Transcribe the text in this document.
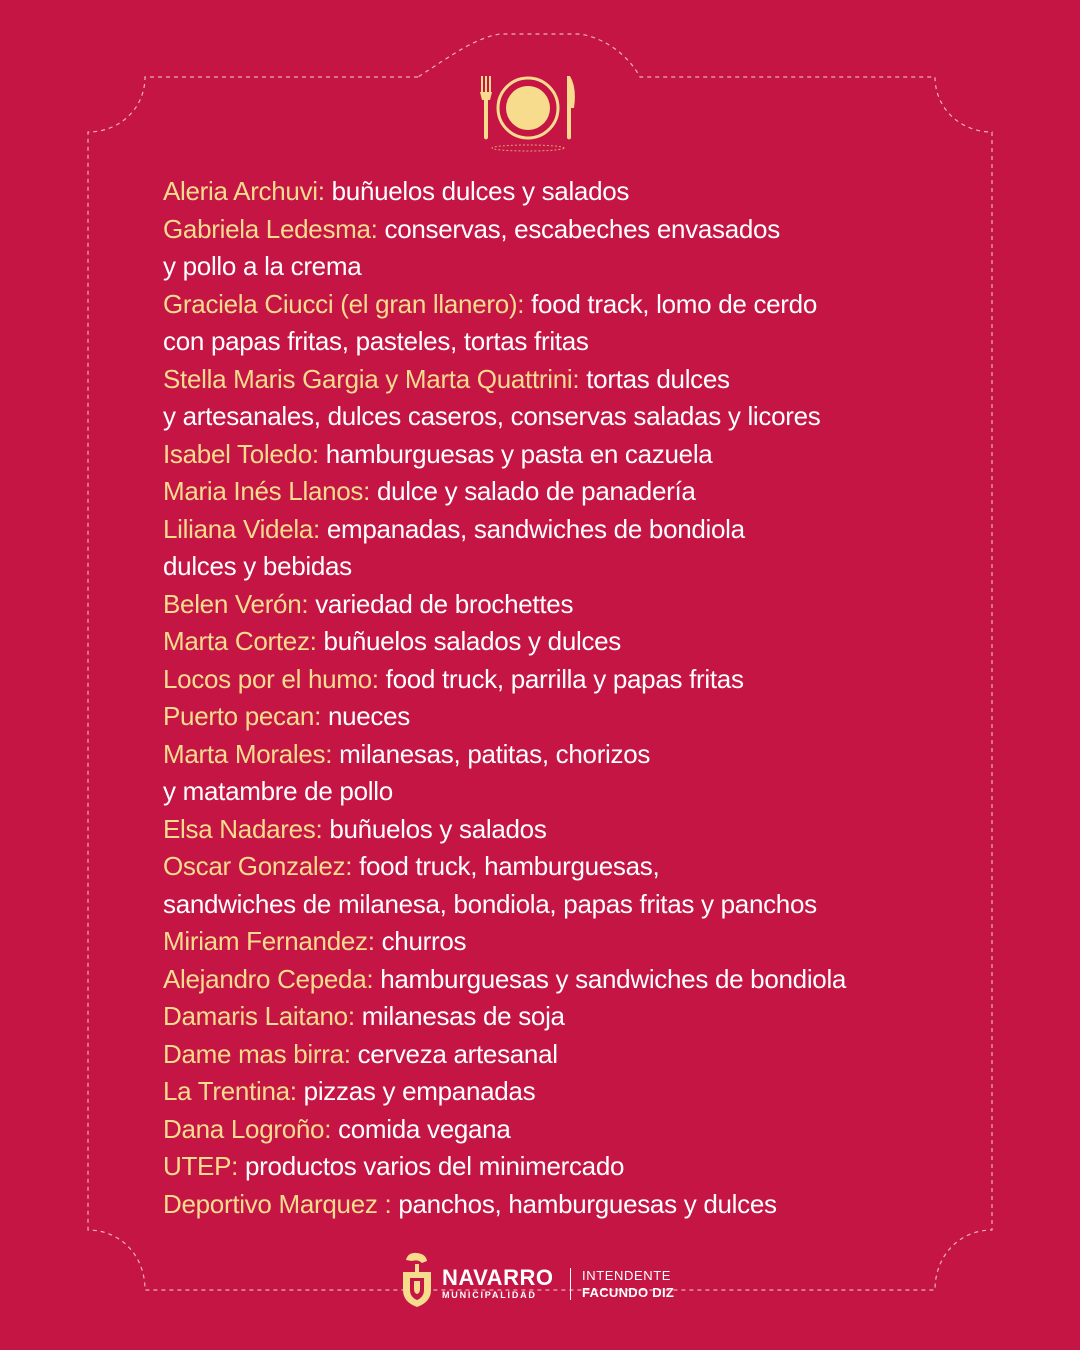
Aleria Archuvi: buñuelos dulces y salados
Gabriela Ledesma: conservas, escabeches envasados
y pollo a la crema
Graciela Ciucci (el gran llanero): food track, lomo de cerdo
con papas fritas, pasteles, tortas fritas
Stella Maris Gargia y Marta Quattrini: tortas dulces
y artesanales, dulces caseros, conservas saladas y licores
Isabel Toledo: hamburguesas y pasta en cazuela
Maria Inés Llanos: dulce y salado de panadería
Liliana Videla: empanadas, sandwiches de bondiola
dulces y bebidas
Belen Verón: variedad de brochettes
Marta Cortez: buñuelos salados y dulces
Locos por el humo: food truck, parrilla y papas fritas
Puerto pecan: nueces
Marta Morales: milanesas, patitas, chorizos
y matambre de pollo
Elsa Nadares: buñuelos y salados
Oscar Gonzalez: food truck, hamburguesas,
sandwiches de milanesa, bondiola, papas fritas y panchos
Miriam Fernandez: churros
Alejandro Cepeda: hamburguesas y sandwiches de bondiola
Damaris Laitano: milanesas de soja
Dame mas birra: cerveza artesanal
La Trentina: pizzas y empanadas
Dana Logroño: comida vegana
UTEP: productos varios del minimercado
Deportivo Marquez : panchos, hamburguesas y dulces
NAVARRO
MUNICIPALIDAD
INTENDENTE
FACUNDO DIZ
